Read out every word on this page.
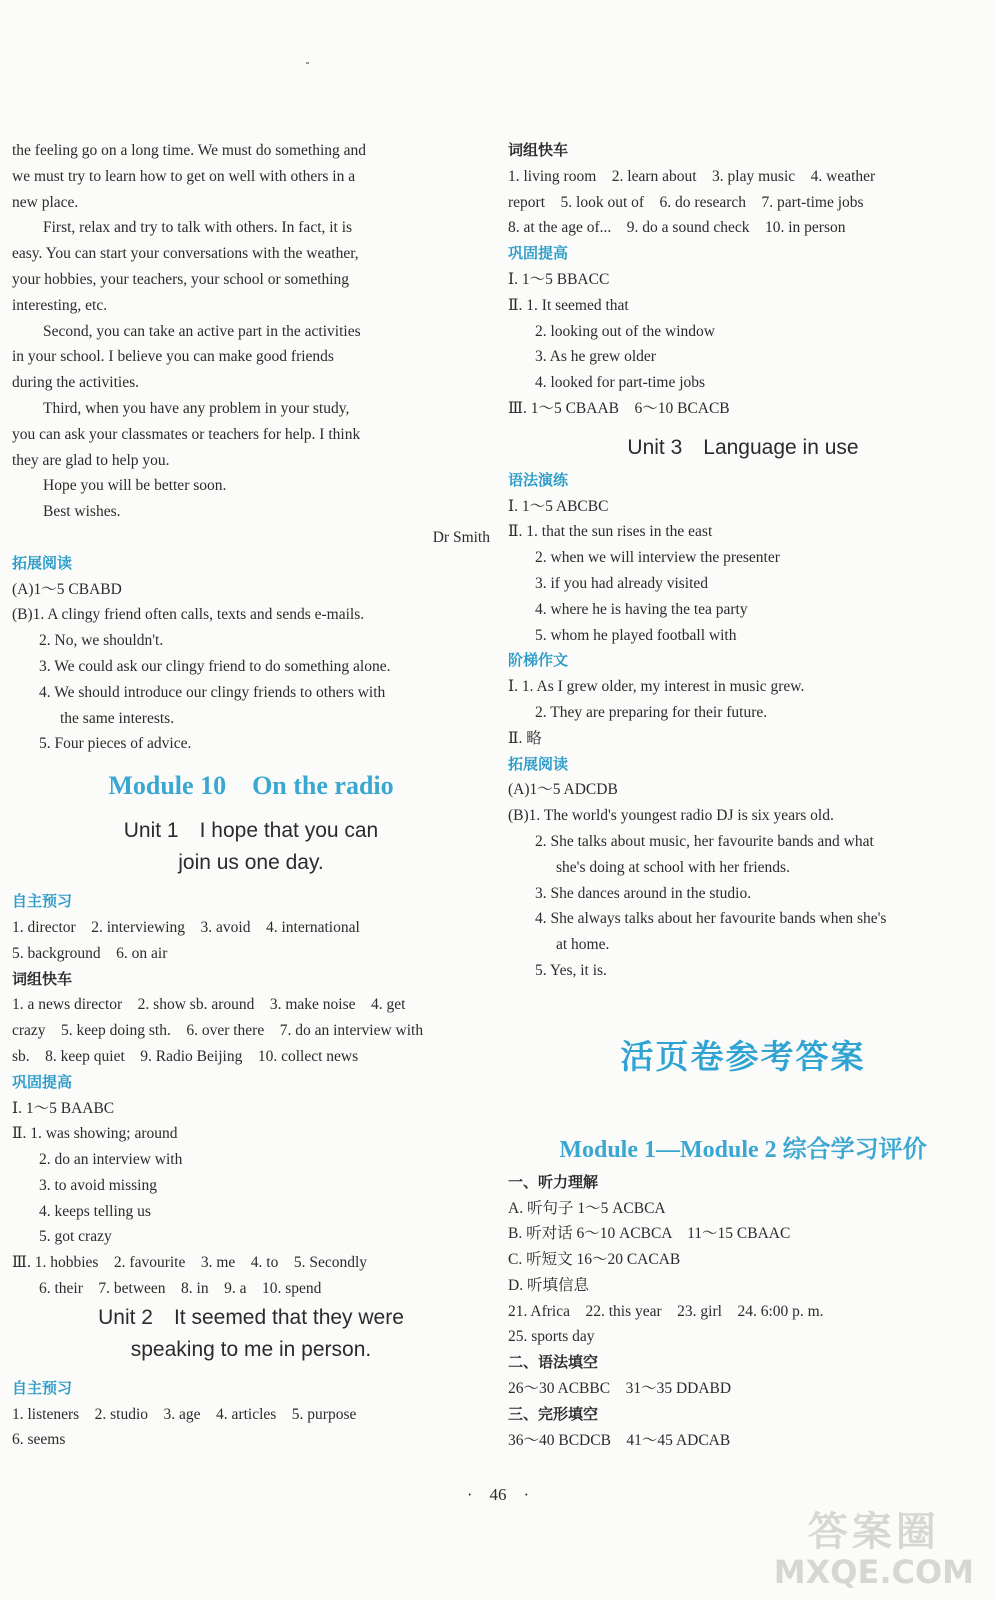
the feeling go on a long time. We must do something and
we must try to learn how to get on well with others in a
new place.
First, relax and try to talk with others. In fact, it is
easy. You can start your conversations with the weather,
your hobbies, your teachers, your school or something
interesting, etc.
Second, you can take an active part in the activities
in your school. I believe you can make good friends
during the activities.
Third, when you have any problem in your study,
you can ask your classmates or teachers for help. I think
they are glad to help you.
Hope you will be better soon.
Best wishes.
Dr Smith
拓展阅读
(A)1～5 CBABD
(B)1. A clingy friend often calls, texts and sends e-mails.
2. No, we shouldn't.
3. We could ask our clingy friend to do something alone.
4. We should introduce our clingy friends to others with
the same interests.
5. Four pieces of advice.
Module 10　On the radio
Unit 1　I hope that you can
join us one day.
自主预习
1. director　2. interviewing　3. avoid　4. international
5. background　6. on air
词组快车
1. a news director　2. show sb. around　3. make noise　4. get
crazy　5. keep doing sth.　6. over there　7. do an interview with
sb.　8. keep quiet　9. Radio Beijing　10. collect news
巩固提高
Ⅰ. 1～5 BAABC
Ⅱ. 1. was showing; around
2. do an interview with
3. to avoid missing
4. keeps telling us
5. got crazy
Ⅲ. 1. hobbies　2. favourite　3. me　4. to　5. Secondly
6. their　7. between　8. in　9. a　10. spend
Unit 2　It seemed that they were
speaking to me in person.
自主预习
1. listeners　2. studio　3. age　4. articles　5. purpose
6. seems
词组快车
1. living room　2. learn about　3. play music　4. weather
report　5. look out of　6. do research　7. part-time jobs
8. at the age of...　9. do a sound check　10. in person
巩固提高
Ⅰ. 1～5 BBACC
Ⅱ. 1. It seemed that
2. looking out of the window
3. As he grew older
4. looked for part-time jobs
Ⅲ. 1～5 CBAAB　6～10 BCACB
Unit 3　Language in use
语法演练
Ⅰ. 1～5 ABCBC
Ⅱ. 1. that the sun rises in the east
2. when we will interview the presenter
3. if you had already visited
4. where he is having the tea party
5. whom he played football with
阶梯作文
Ⅰ. 1. As I grew older, my interest in music grew.
2. They are preparing for their future.
Ⅱ. 略
拓展阅读
(A)1～5 ADCDB
(B)1. The world's youngest radio DJ is six years old.
2. She talks about music, her favourite bands and what
she's doing at school with her friends.
3. She dances around in the studio.
4. She always talks about her favourite bands when she's
at home.
5. Yes, it is.
活页卷参考答案
Module 1—Module 2 综合学习评价
一、听力理解
A. 听句子 1～5 ACBCA
B. 听对话 6～10 ACBCA　11～15 CBAAC
C. 听短文 16～20 CACAB
D. 听填信息
21. Africa　22. this year　23. girl　24. 6:00 p. m.
25. sports day
二、语法填空
26～30 ACBBC　31～35 DDABD
三、完形填空
36～40 BCDCB　41～45 ADCAB
·　46　·
答案圈
MXQE.COM
